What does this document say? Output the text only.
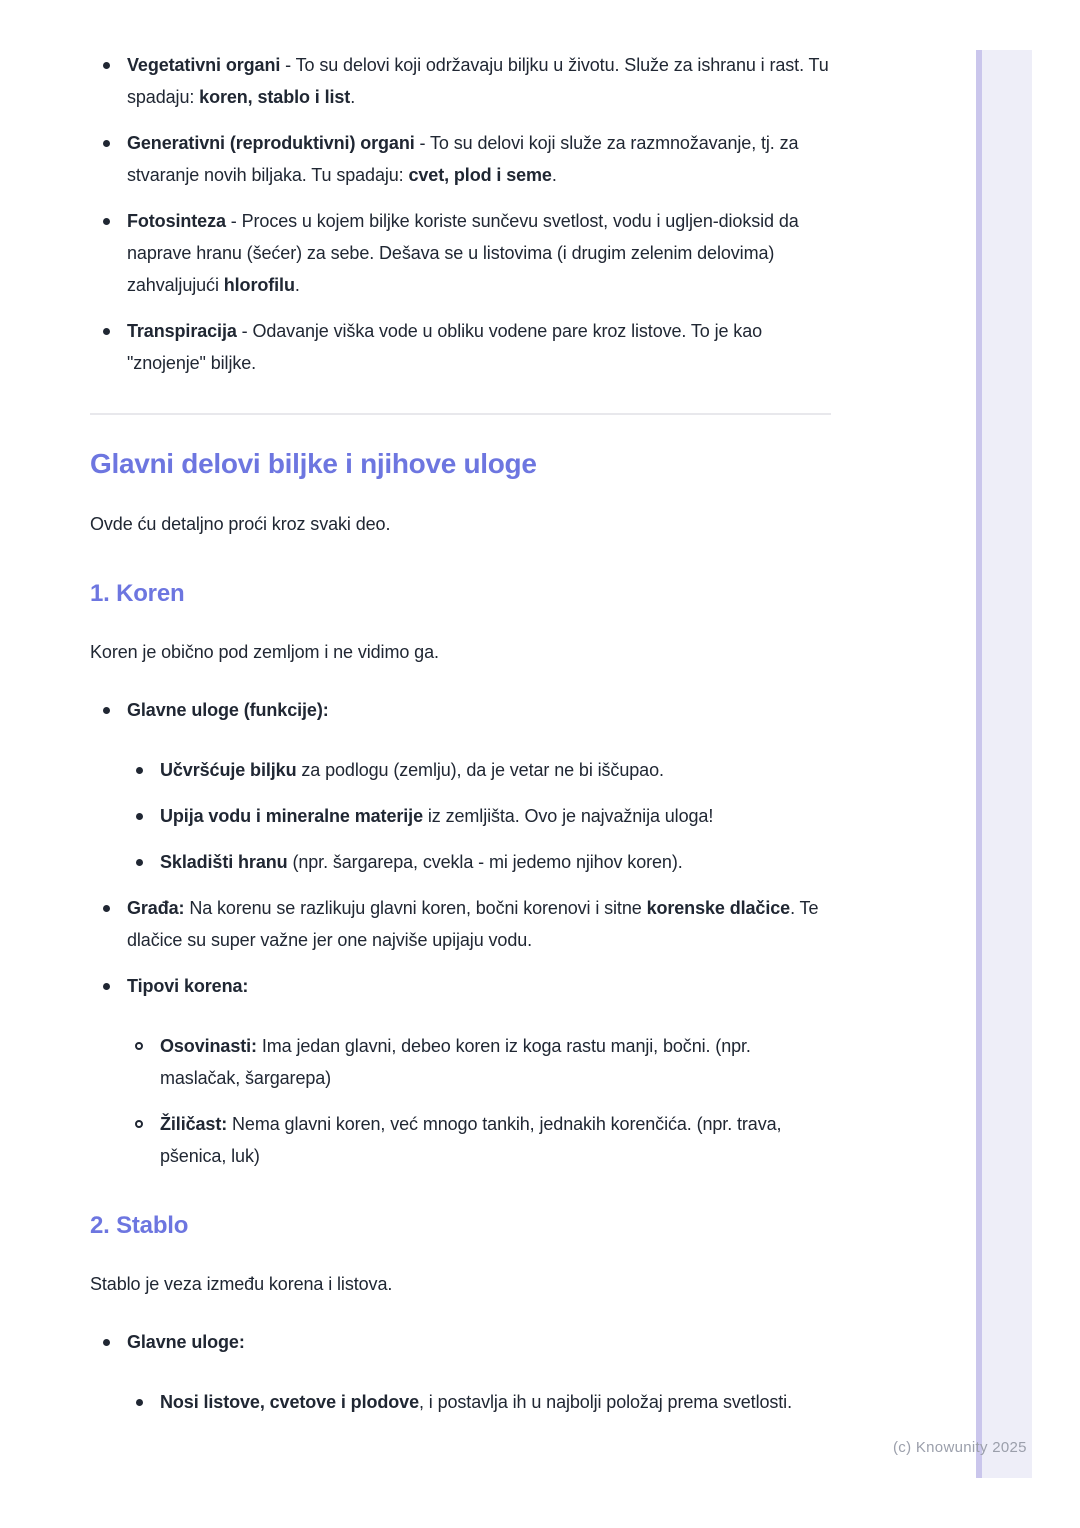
Vegetativni organi - To su delovi koji održavaju biljku u životu. Služe za ishranu i rast. Tu spadaju: koren, stablo i list.
Generativni (reproduktivni) organi - To su delovi koji služe za razmnožavanje, tj. za stvaranje novih biljaka. Tu spadaju: cvet, plod i seme.
Fotosinteza - Proces u kojem biljke koriste sunčevu svetlost, vodu i ugljen-dioksid da naprave hranu (šećer) za sebe. Dešava se u listovima (i drugim zelenim delovima) zahvaljujući hlorofilu.
Transpiracija - Odavanje viška vode u obliku vodene pare kroz listove. To je kao "znojenje" biljke.
Glavni delovi biljke i njihove uloge

Ovde ću detaljno proći kroz svaki deo.

1. Koren

Koren je obično pod zemljom i ne vidimo ga.

Glavne uloge (funkcije):
Učvršćuje biljku za podlogu (zemlju), da je vetar ne bi iščupao.
Upija vodu i mineralne materije iz zemljišta. Ovo je najvažnija uloga!
Skladišti hranu (npr. šargarepa, cvekla - mi jedemo njihov koren).
Građa: Na korenu se razlikuju glavni koren, bočni korenovi i sitne korenske dlačice. Te dlačice su super važne jer one najviše upijaju vodu.
Tipovi korena:
Osovinasti: Ima jedan glavni, debeo koren iz koga rastu manji, bočni. (npr. maslačak, šargarepa)
Žiličast: Nema glavni koren, već mnogo tankih, jednakih korenčića. (npr. trava, pšenica, luk)
2. Stablo

Stablo je veza između korena i listova.

Glavne uloge:
Nosi listove, cvetove i plodove, i postavlja ih u najbolji položaj prema svetlosti.
(c) Knowunity 2025
